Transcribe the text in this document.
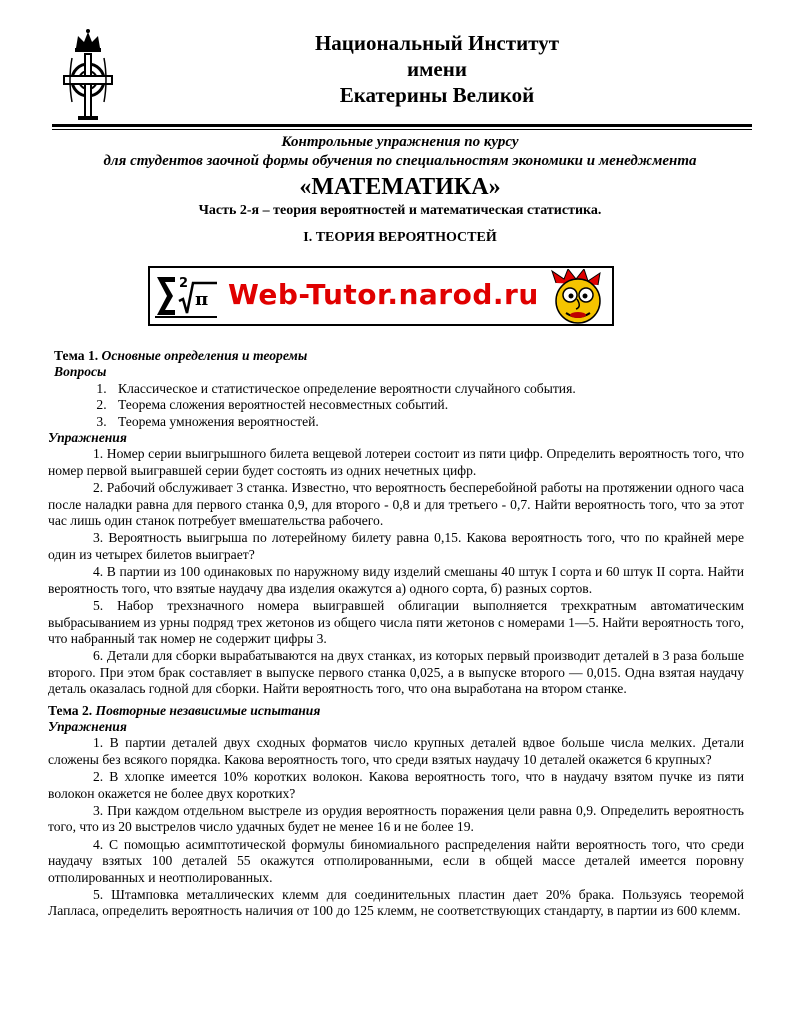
Национальный Институт
имени
Екатерины Великой
Контрольные упражнения по курсу
для студентов заочной формы обучения по специальностям экономики и менеджмента
«МАТЕМАТИКА»
Часть 2-я – теория вероятностей и математическая статистика.
I. ТЕОРИЯ ВЕРОЯТНОСТЕЙ
2
π Web-Tutor.narod.ru
Тема 1. Основные определения и теоремы
Вопросы
1. Классическое и статистическое определение вероятности случайного события.
2. Теорема сложения вероятностей несовместных событий.
3. Теорема умножения вероятностей.
Упражнения

1. Номер серии выигрышного билета вещевой лотереи состоит из пяти цифр. Определить вероятность того, что номер первой выигравшей серии будет состоять из одних нечетных цифр.

2. Рабочий обслуживает 3 станка. Известно, что вероятность бесперебойной работы на протяжении одного часа после наладки равна для первого станка 0,9, для второго - 0,8 и для третьего - 0,7. Найти вероятность того, что за этот час лишь один станок потребует вмешательства рабочего.

3. Вероятность выигрыша по лотерейному билету равна 0,15. Какова вероятность того, что по крайней мере один из четырех билетов выиграет?

4. В партии из 100 одинаковых по наружному виду изделий смешаны 40 штук I сорта и 60 штук II сорта. Найти вероятность того, что взятые наудачу два изделия окажутся а) одного сорта, б) разных сортов.

5. Набор трехзначного номера выигравшей облигации выполняется трехкратным автоматическим выбрасыванием из урны подряд трех жетонов из общего числа пяти жетонов с номерами 1—5. Найти вероятность того, что набранный так номер не содержит цифры 3.

6. Детали для сборки вырабатываются на двух станках, из которых первый производит деталей в 3 раза больше второго. При этом брак составляет в выпуске первого станка 0,025, а в выпуске второго — 0,015. Одна взятая наудачу деталь оказалась годной для сборки. Найти вероятность того, что она выработана на втором станке.

Тема 2. Повторные независимые испытания
Упражнения

1. В партии деталей двух сходных форматов число крупных деталей вдвое больше числа мелких. Детали сложены без всякого порядка. Какова вероятность того, что среди взятых наудачу 10 деталей окажется 6 крупных?

2. В хлопке имеется 10% коротких волокон. Какова вероятность того, что в наудачу взятом пучке из пяти волокон окажется не более двух коротких?

3. При каждом отдельном выстреле из орудия вероятность поражения цели равна 0,9. Определить вероятность того, что из 20 выстрелов число удачных будет не менее 16 и не более 19.

4. С помощью асимптотической формулы биномиального распределения найти вероятность того, что среди наудачу взятых 100 деталей 55 окажутся отполированными, если в общей массе деталей имеется поровну отполированных и неотполированных.

5. Штамповка металлических клемм для соединительных пластин дает 20% брака. Пользуясь теоремой Лапласа, определить вероятность наличия от 100 до 125 клемм, не соответствующих стандарту, в партии из 600 клемм.
